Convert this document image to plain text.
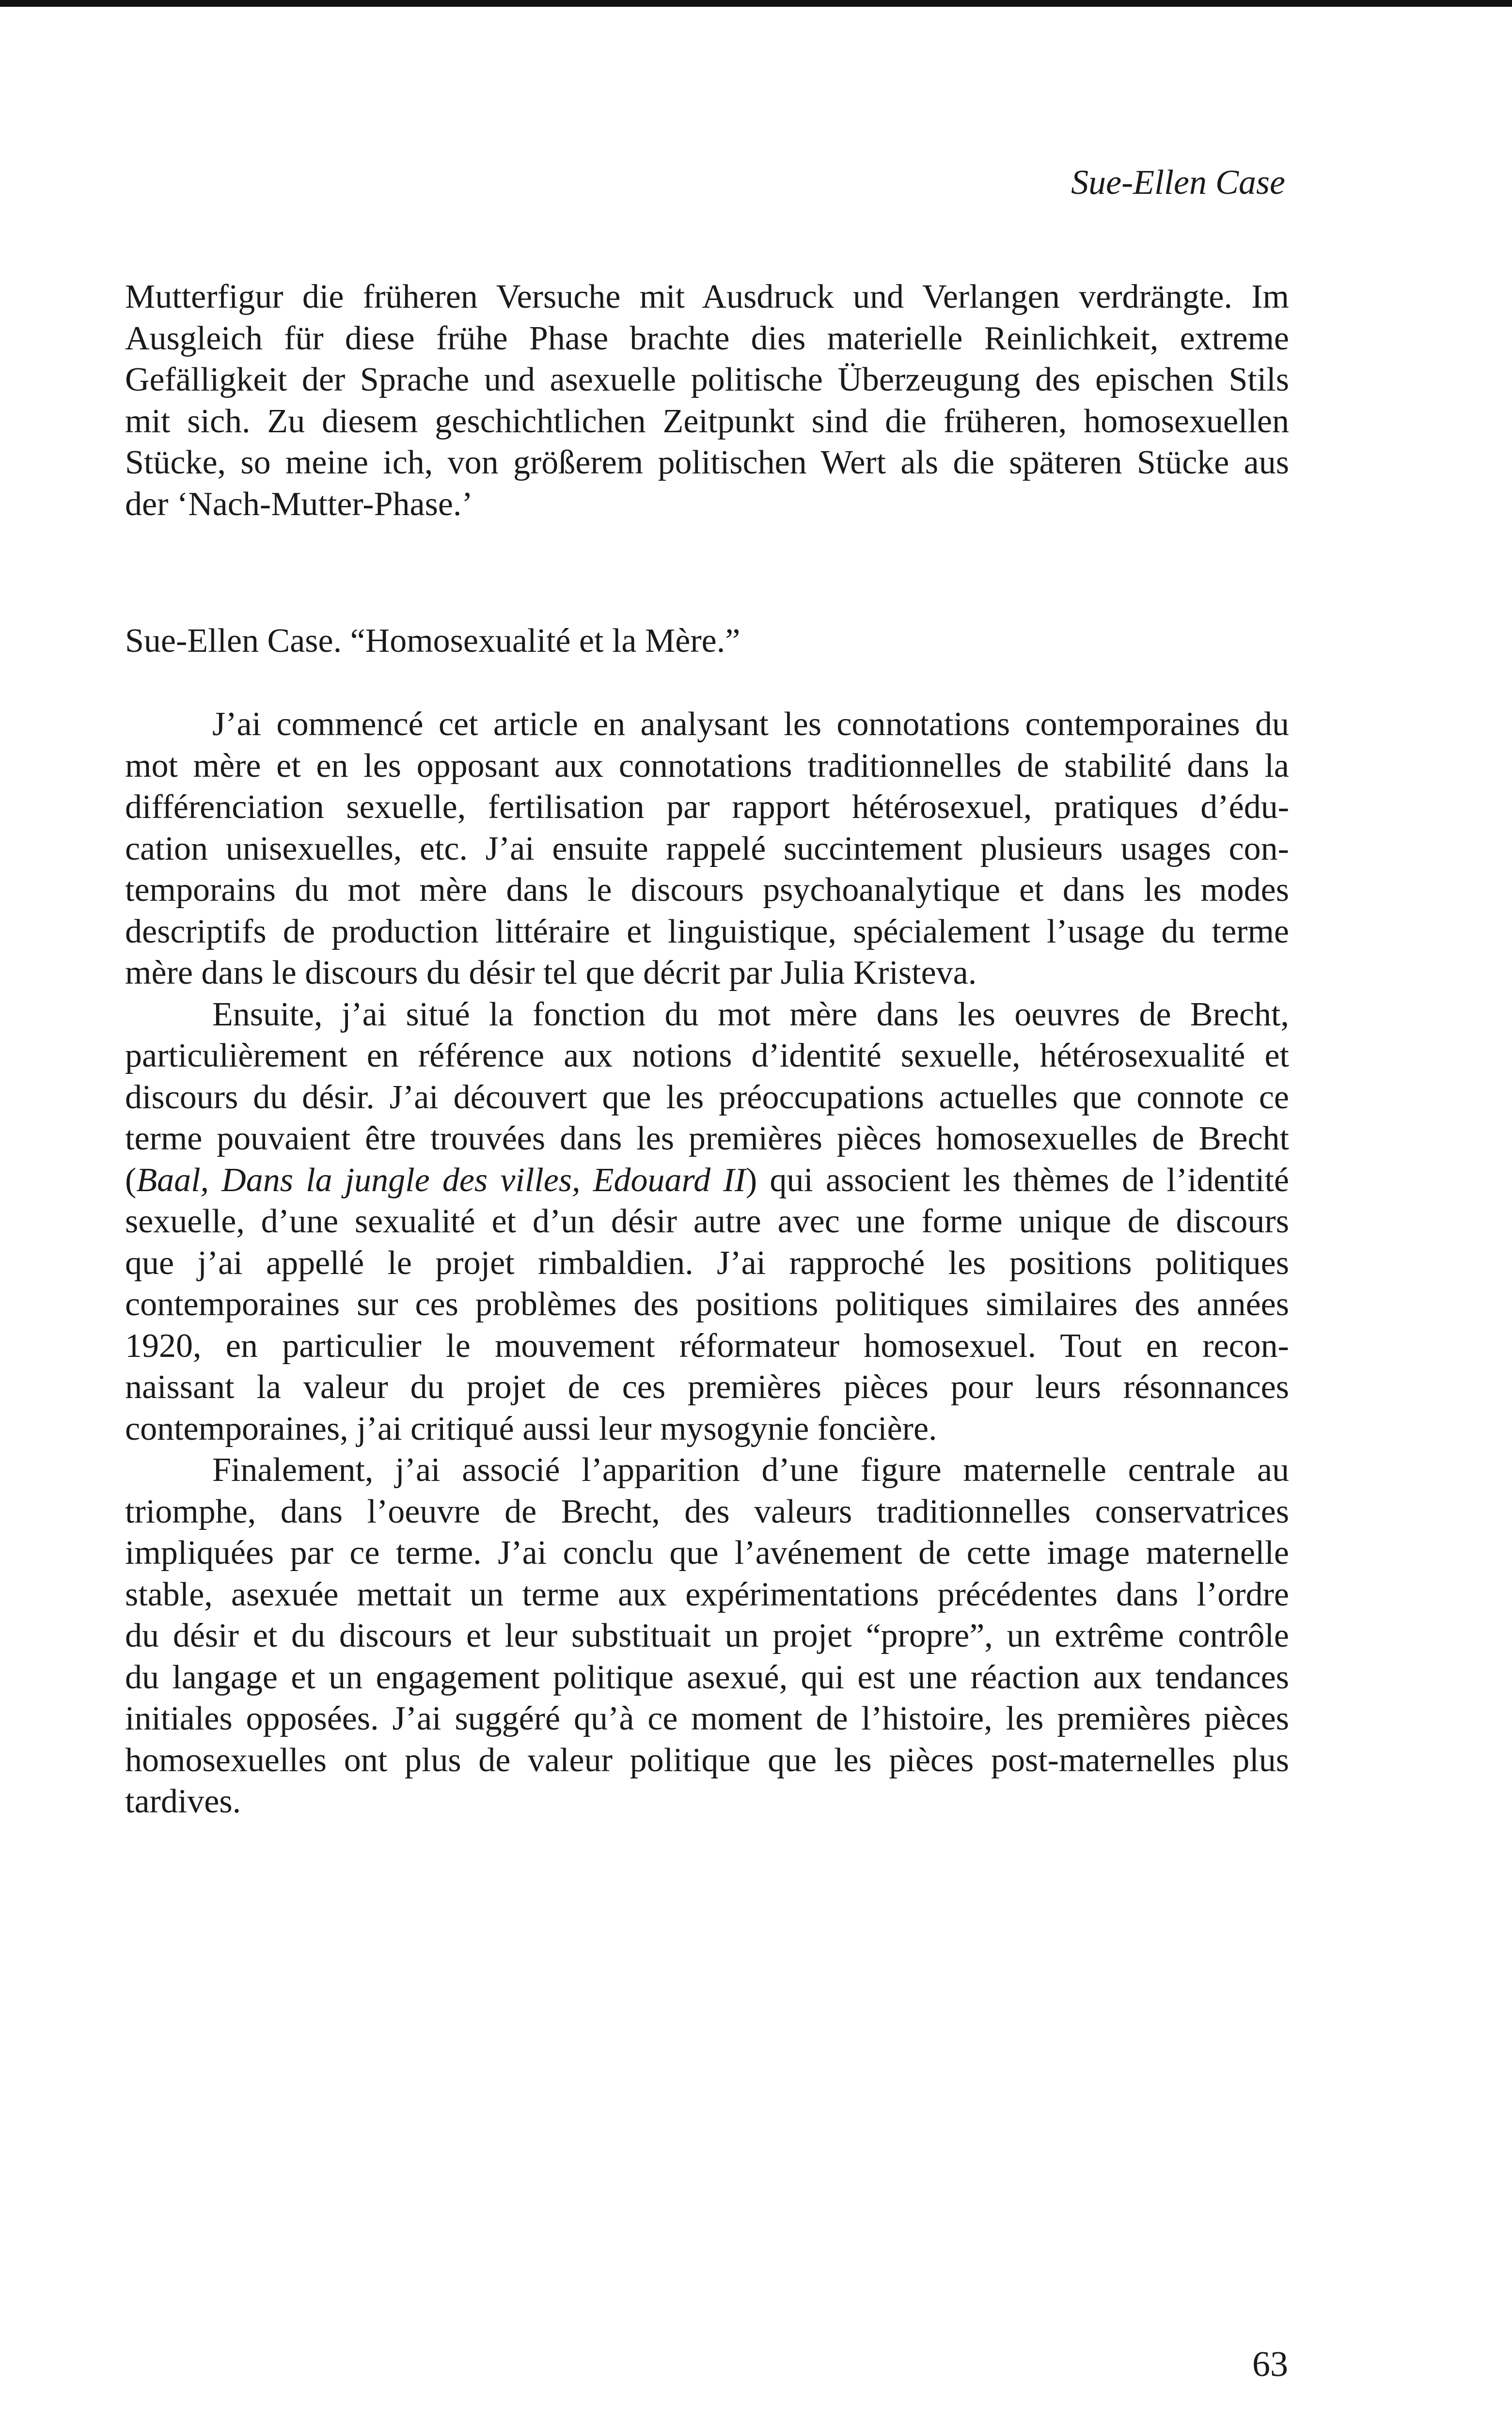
Sue-Ellen Case
Mutterfigur die früheren Versuche mit Ausdruck und Verlangen verdrängte. Im
Ausgleich für diese frühe Phase brachte dies materielle Reinlichkeit, extreme
Gefälligkeit der Sprache und asexuelle politische Überzeugung des epischen Stils
mit sich. Zu diesem geschichtlichen Zeitpunkt sind die früheren, homosexuellen
Stücke, so meine ich, von größerem politischen Wert als die späteren Stücke aus
der ‘Nach-Mutter-Phase.’
Sue-Ellen Case. “Homosexualité et la Mère.”
J’ai commencé cet article en analysant les connotations contemporaines du
mot mère et en les opposant aux connotations traditionnelles de stabilité dans la
différenciation sexuelle, fertilisation par rapport hétérosexuel, pratiques d’édu-
cation unisexuelles, etc. J’ai ensuite rappelé succintement plusieurs usages con-
temporains du mot mère dans le discours psychoanalytique et dans les modes
descriptifs de production littéraire et linguistique, spécialement l’usage du terme
mère dans le discours du désir tel que décrit par Julia Kristeva.
Ensuite, j’ai situé la fonction du mot mère dans les oeuvres de Brecht,
particulièrement en référence aux notions d’identité sexuelle, hétérosexualité et
discours du désir. J’ai découvert que les préoccupations actuelles que connote ce
terme pouvaient être trouvées dans les premières pièces homosexuelles de Brecht
(Baal, Dans la jungle des villes, Edouard II) qui associent les thèmes de l’identité
sexuelle, d’une sexualité et d’un désir autre avec une forme unique de discours
que j’ai appellé le projet rimbaldien. J’ai rapproché les positions politiques
contemporaines sur ces problèmes des positions politiques similaires des années
1920, en particulier le mouvement réformateur homosexuel. Tout en recon-
naissant la valeur du projet de ces premières pièces pour leurs résonnances
contemporaines, j’ai critiqué aussi leur mysogynie foncière.
Finalement, j’ai associé l’apparition d’une figure maternelle centrale au
triomphe, dans l’oeuvre de Brecht, des valeurs traditionnelles conservatrices
impliquées par ce terme. J’ai conclu que l’avénement de cette image maternelle
stable, asexuée mettait un terme aux expérimentations précédentes dans l’ordre
du désir et du discours et leur substituait un projet “propre”, un extrême contrôle
du langage et un engagement politique asexué, qui est une réaction aux tendances
initiales opposées. J’ai suggéré qu’à ce moment de l’histoire, les premières pièces
homosexuelles ont plus de valeur politique que les pièces post-maternelles plus
tardives.
63
